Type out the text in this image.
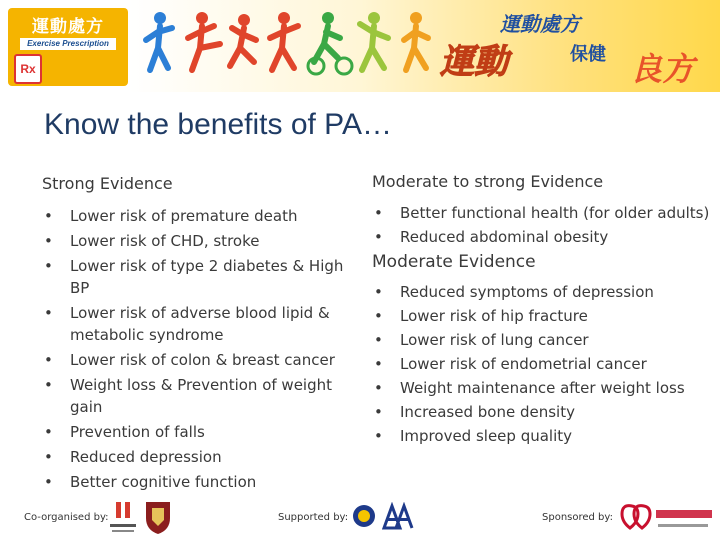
運動處方
Exercise Prescription
Rx
運動處方
運動	保健 良方
Know the benefits of PA…
Strong Evidence
• Lower risk of premature death
• Lower risk of CHD, stroke
• Lower risk of type 2 diabetes & High BP
• Lower risk of adverse blood lipid & metabolic syndrome
• Lower risk of colon & breast cancer
• Weight loss & Prevention of weight gain
• Prevention of falls
• Reduced depression
• Better cognitive function
Moderate to strong Evidence
• Better functional health (for older adults)
• Reduced abdominal obesity
Moderate Evidence
• Reduced symptoms of depression
• Lower risk of hip fracture
• Lower risk of lung cancer
• Lower risk of endometrial cancer
• Weight maintenance after weight loss
• Increased bone density
• Improved sleep quality
Co-organised by:	Supported by:	Sponsored by:
